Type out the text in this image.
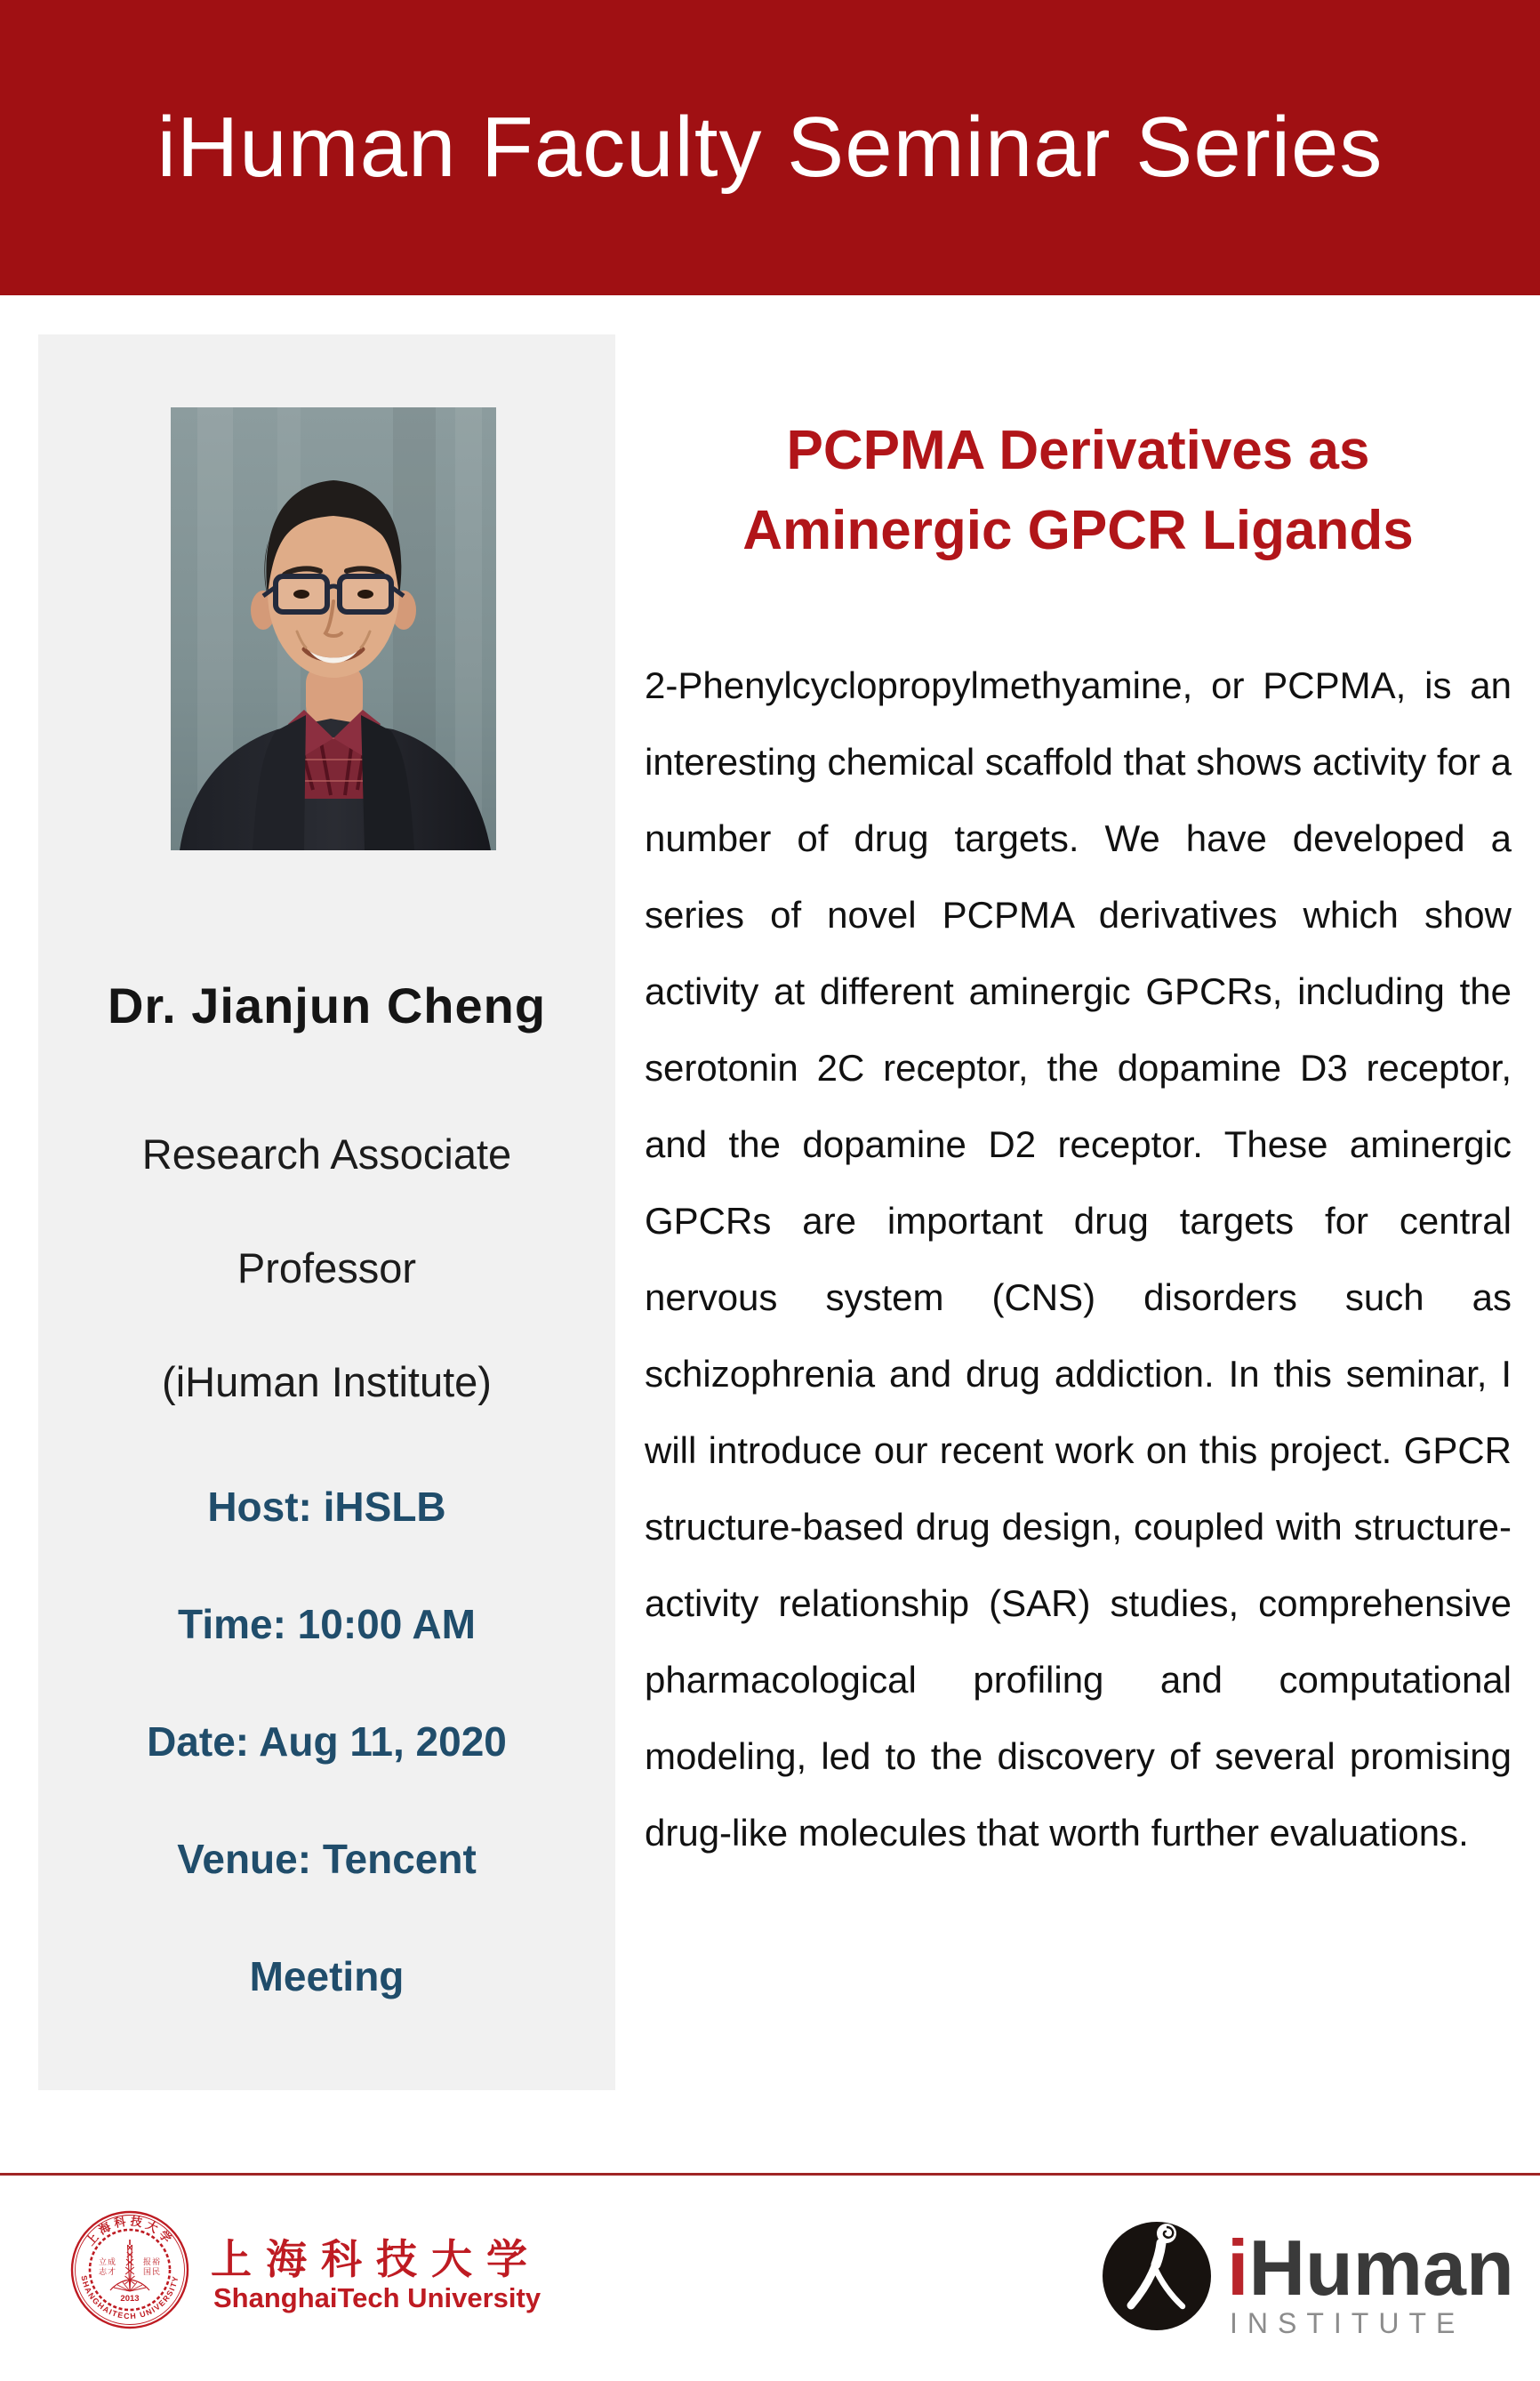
iHuman Faculty Seminar Series
Dr. Jianjun Cheng
Research Associate
Professor
(iHuman Institute)
Host: iHSLB
Time: 10:00 AM
Date: Aug 11, 2020
Venue: Tencent
Meeting
PCPMA Derivatives as
Aminergic GPCR Ligands

2-Phenylcyclopropylmethyamine, or PCPMA, is an interesting chemical scaffold that shows activity for a number of drug targets. We have developed a series of novel PCPMA derivatives which show activity at different aminergic GPCRs, including the serotonin 2C receptor, the dopamine D3 receptor, and the dopamine D2 receptor. These aminergic GPCRs are important drug targets for central nervous system (CNS) disorders such as schizophrenia and drug addiction. In this seminar, I will introduce our recent work on this project. GPCR structure-based drug design, coupled with structure-activity relationship (SAR) studies, comprehensive pharmacological profiling and computational modeling, led to the discovery of several promising drug-like molecules that worth further evaluations.

上海科技大学
SHANGHAITECH UNIVERSITY
立成
志才
报裕
国民
2013
上海科技大学
ShanghaiTech University	iHuman
INSTITUTE
